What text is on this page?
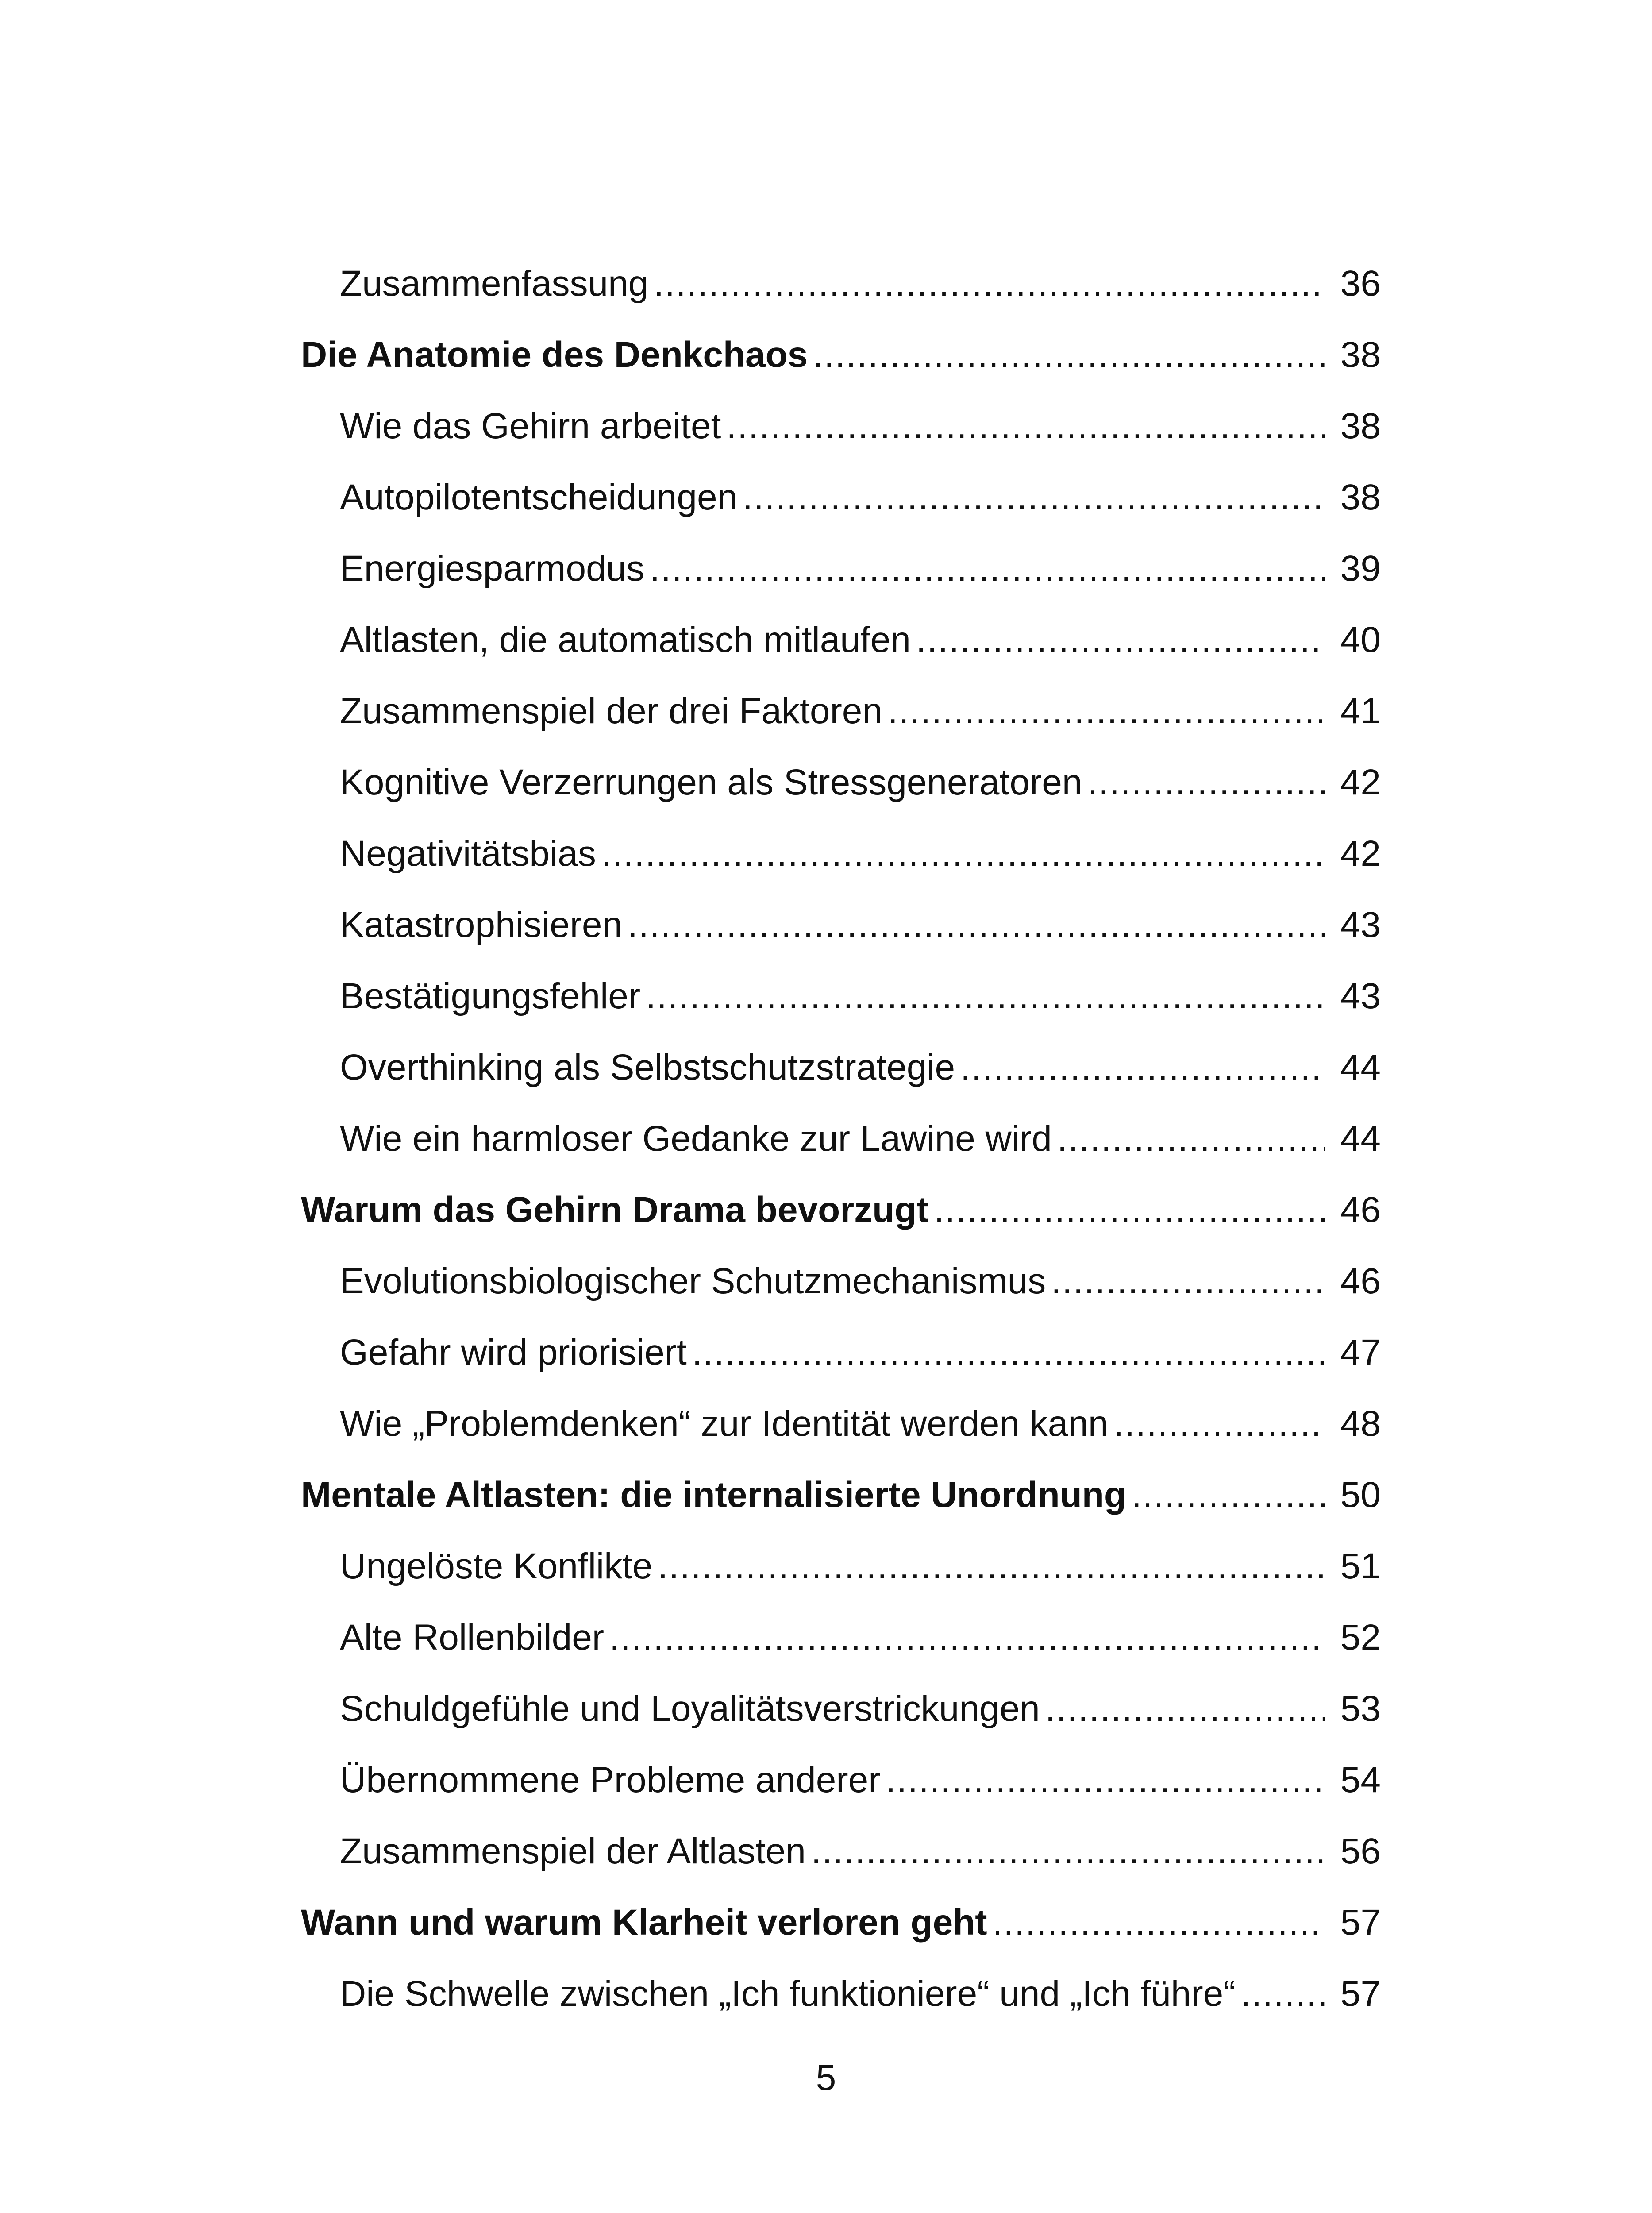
Zusammenfassung .....	36
Die Anatomie des Denkchaos .....	38
Wie das Gehirn arbeitet .....	38
Autopilotentscheidungen .....	38
Energiesparmodus .....	39
Altlasten, die automatisch mitlaufen .....	40
Zusammenspiel der drei Faktoren .....	41
Kognitive Verzerrungen als Stressgeneratoren .....	42
Negativitätsbias .....	42
Katastrophisieren .....	43
Bestätigungsfehler .....	43
Overthinking als Selbstschutzstrategie .....	44
Wie ein harmloser Gedanke zur Lawine wird .....	44
Warum das Gehirn Drama bevorzugt .....	46
Evolutionsbiologischer Schutzmechanismus .....	46
Gefahr wird priorisiert .....	47
Wie „Problemdenken“ zur Identität werden kann .....	48
Mentale Altlasten: die internalisierte Unordnung .....	50
Ungelöste Konflikte .....	51
Alte Rollenbilder .....	52
Schuldgefühle und Loyalitätsverstrickungen .....	53
Übernommene Probleme anderer .....	54
Zusammenspiel der Altlasten .....	56
Wann und warum Klarheit verloren geht .....	57
Die Schwelle zwischen „Ich funktioniere“ und „Ich führe“ .....	57
5
